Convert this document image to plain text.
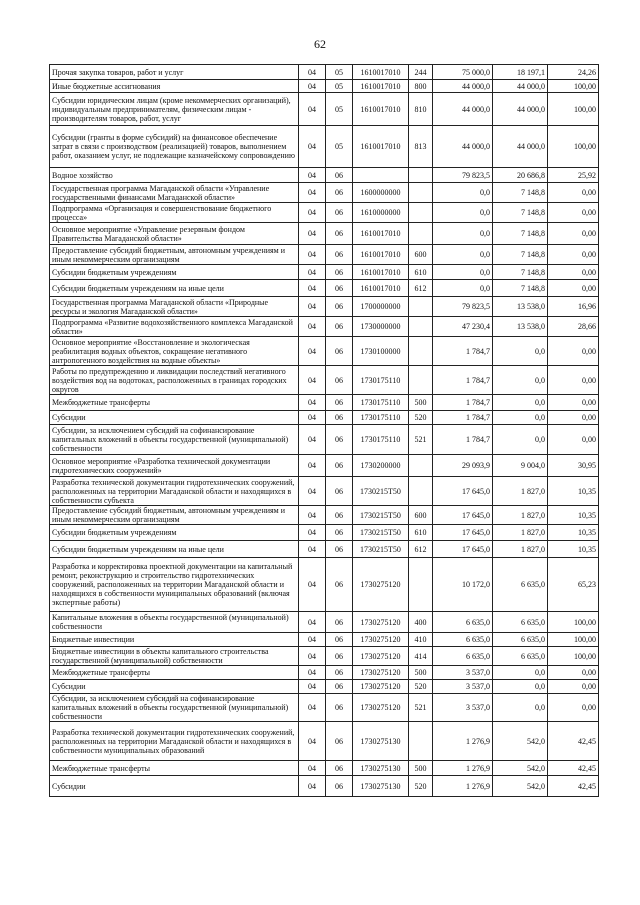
62
Прочая закупка товаров, работ и услуг	04	05	1610017010	244	75 000,0	18 197,1	24,26
Иные бюджетные ассигнования	04	05	1610017010	800	44 000,0	44 000,0	100,00
Субсидии юридическим лицам (кроме некоммерческих организаций), индивидуальным предпринимателям, физическим лицам - производителям товаров, работ, услуг	04	05	1610017010	810	44 000,0	44 000,0	100,00
Субсидии (гранты в форме субсидий) на финансовое обеспечение затрат в связи с производством (реализацией) товаров, выполнением работ, оказанием услуг, не подлежащие казначейскому сопровождению	04	05	1610017010	813	44 000,0	44 000,0	100,00
Водное хозяйство	04	06			79 823,5	20 686,8	25,92
Государственная программа Магаданской области «Управление государственными финансами Магаданской области»	04	06	1600000000		0,0	7 148,8	0,00
Подпрограмма «Организация и совершенствование бюджетного процесса»	04	06	1610000000		0,0	7 148,8	0,00
Основное мероприятие «Управление резервным фондом Правительства Магаданской области»	04	06	1610017010		0,0	7 148,8	0,00
Предоставление субсидий бюджетным, автономным учреждениям и иным некоммерческим организациям	04	06	1610017010	600	0,0	7 148,8	0,00
Субсидии бюджетным учреждениям	04	06	1610017010	610	0,0	7 148,8	0,00
Субсидии бюджетным учреждениям на иные цели	04	06	1610017010	612	0,0	7 148,8	0,00
Государственная программа Магаданской области «Природные ресурсы и экология Магаданской области»	04	06	1700000000		79 823,5	13 538,0	16,96
Подпрограмма «Развитие водохозяйственного комплекса Магаданской области»	04	06	1730000000		47 230,4	13 538,0	28,66
Основное мероприятие «Восстановление и экологическая реабилитация водных объектов, сокращение негативного антропогенного воздействия на водные объекты»	04	06	1730100000		1 784,7	0,0	0,00
Работы по предупреждению и ликвидации последствий негативного воздействия вод на водотоках, расположенных в границах городских округов	04	06	1730175110		1 784,7	0,0	0,00
Межбюджетные трансферты	04	06	1730175110	500	1 784,7	0,0	0,00
Субсидии	04	06	1730175110	520	1 784,7	0,0	0,00
Субсидии, за исключением субсидий на софинансирование капитальных вложений в объекты государственной (муниципальной) собственности	04	06	1730175110	521	1 784,7	0,0	0,00
Основное мероприятие «Разработка технической документации гидротехнических сооружений»	04	06	1730200000		29 093,9	9 004,0	30,95
Разработка технической документации гидротехнических сооружений, расположенных на территории Магаданской области и находящихся в собственности субъекта	04	06	1730215Т50		17 645,0	1 827,0	10,35
Предоставление субсидий бюджетным, автономным учреждениям и иным некоммерческим организациям	04	06	1730215Т50	600	17 645,0	1 827,0	10,35
Субсидии бюджетным учреждениям	04	06	1730215Т50	610	17 645,0	1 827,0	10,35
Субсидии бюджетным учреждениям на иные цели	04	06	1730215Т50	612	17 645,0	1 827,0	10,35
Разработка и корректировка проектной документации на капитальный ремонт, реконструкцию и строительство гидротехнических сооружений, расположенных на территории Магаданской области и находящихся в собственности муниципальных образований (включая экспертные работы)	04	06	1730275120		10 172,0	6 635,0	65,23
Капитальные вложения в объекты государственной (муниципальной) собственности	04	06	1730275120	400	6 635,0	6 635,0	100,00
Бюджетные инвестиции	04	06	1730275120	410	6 635,0	6 635,0	100,00
Бюджетные инвестиции в объекты капитального строительства государственной (муниципальной) собственности	04	06	1730275120	414	6 635,0	6 635,0	100,00
Межбюджетные трансферты	04	06	1730275120	500	3 537,0	0,0	0,00
Субсидии	04	06	1730275120	520	3 537,0	0,0	0,00
Субсидии, за исключением субсидий на софинансирование капитальных вложений в объекты государственной (муниципальной) собственности	04	06	1730275120	521	3 537,0	0,0	0,00
Разработка технической документации гидротехнических сооружений, расположенных на территории Магаданской области и находящихся в собственности муниципальных образований	04	06	1730275130		1 276,9	542,0	42,45
Межбюджетные трансферты	04	06	1730275130	500	1 276,9	542,0	42,45
Субсидии	04	06	1730275130	520	1 276,9	542,0	42,45
